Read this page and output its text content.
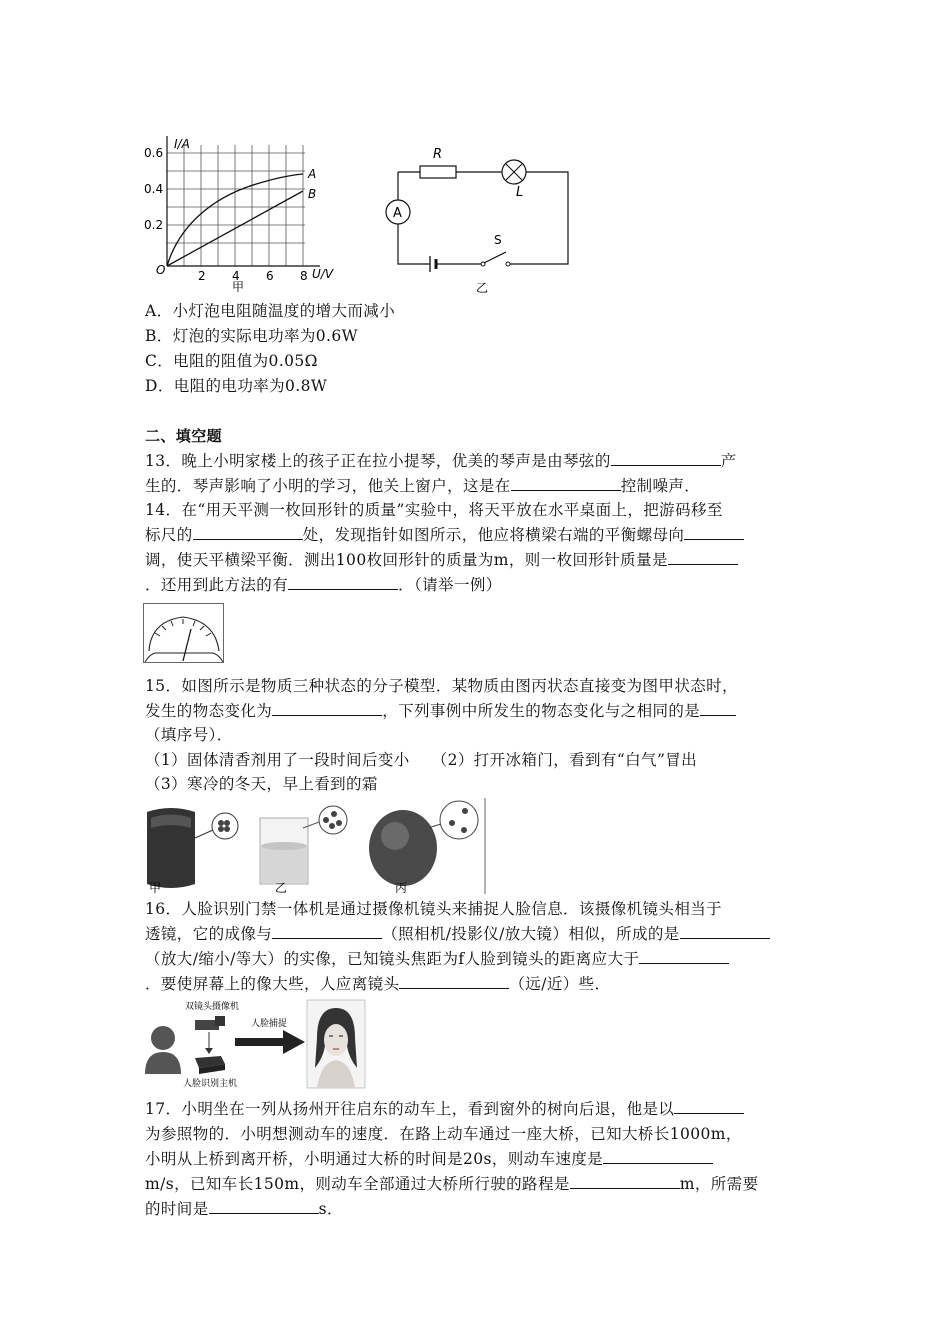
I/A
0.6
0.4
0.2
O	2 4 6 8 U/V
A
B
甲
A
R
L
S
乙
A．小灯泡电阻随温度的增大而减小
B．灯泡的实际电功率为0.6W
C．电阻的阻值为0.05Ω
D．电阻的电功率为0.8W
二、填空题
13．晚上小明家楼上的孩子正在拉小提琴，优美的琴声是由琴弦的	产
生的．琴声影响了小明的学习，他关上窗户，这是在	控制噪声．
14．在“用天平测一枚回形针的质量”实验中，将天平放在水平桌面上，把游码移至
标尺的	处，发现指针如图所示，他应将横梁右端的平衡螺母向
调，使天平横梁平衡．测出100枚回形针的质量为m，则一枚回形针质量是
．还用到此方法的有	．（请举一例）
15．如图所示是物质三种状态的分子模型．某物质由图丙状态直接变为图甲状态时，
发生的物态变化为	，下列事例中所发生的物态变化与之相同的是
（填序号）．
（1）固体清香剂用了一段时间后变小 （2）打开冰箱门，看到有“白气”冒出
（3）寒冷的冬天，早上看到的霜
甲	乙	丙
16．人脸识别门禁一体机是通过摄像机镜头来捕捉人脸信息．该摄像机镜头相当于
透镜，它的成像与	（照相机/投影仪/放大镜）相似，所成的是
（放大/缩小/等大）的实像，已知镜头焦距为f人脸到镜头的距离应大于
．要使屏幕上的像大些，人应离镜头	（远/近）些．
双镜头摄像机
人脸识别主机
人脸捕捉
17．小明坐在一列从扬州开往启东的动车上，看到窗外的树向后退，他是以
为参照物的．小明想测动车的速度．在路上动车通过一座大桥，已知大桥长1000m，
小明从上桥到离开桥，小明通过大桥的时间是20s，则动车速度是
m/s，已知车长150m，则动车全部通过大桥所行驶的路程是	m，所需要
的时间是	s．
